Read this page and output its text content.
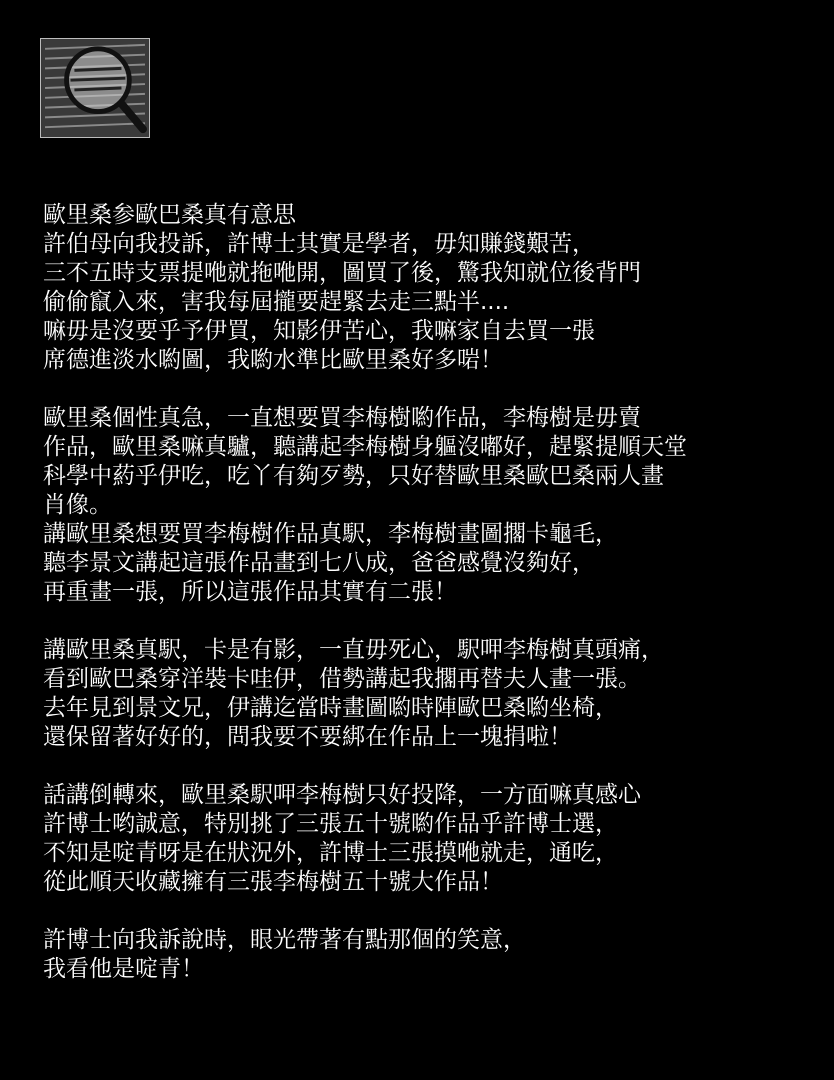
歐里桑参歐巴桑真有意思
許伯母向我投訴，許博士其實是學者，毋知賺錢艱苦，
三不五時支票提咃就拖咃開，圖買了後，驚我知就位後背門
偷偷竄入來，害我每屆攏要趕緊去走三點半....
嘛毋是沒要乎予伊買，知影伊苦心，我嘛家自去買一張
席德進淡水喲圖，我喲水準比歐里桑好多啱！
歐里桑個性真急，一直想要買李梅樹喲作品，李梅樹是毋賣
作品，歐里桑嘛真驢，聽講起李梅樹身軀沒嘟好，趕緊提順天堂
科學中葯乎伊吃，吃丫有夠歹勢，只好替歐里桑歐巴桑兩人畫
肖像。
講歐里桑想要買李梅樹作品真駅，李梅樹畫圖擱卡龜毛，
聽李景文講起這張作品畫到七八成，爸爸感覺沒夠好，
再重畫一張，所以這張作品其實有二張！
講歐里桑真駅，卡是有影，一直毋死心，駅呷李梅樹真頭痛，
看到歐巴桑穿洋裝卡哇伊，借勢講起我擱再替夫人畫一張。
去年見到景文兄，伊講迄當時畫圖喲時陣歐巴桑喲坐椅，
還保留著好好的，問我要不要綁在作品上一塊捐啦！
話講倒轉來，歐里桑駅呷李梅樹只好投降，一方面嘛真感心
許博士哟誠意，特別挑了三張五十號喲作品乎許博士選，
不知是啶青呀是在狀況外，許博士三張摸咃就走，通吃，
從此順天收藏擁有三張李梅樹五十號大作品！
許博士向我訴說時，眼光帶著有點那個的笑意，
我看他是啶青！
